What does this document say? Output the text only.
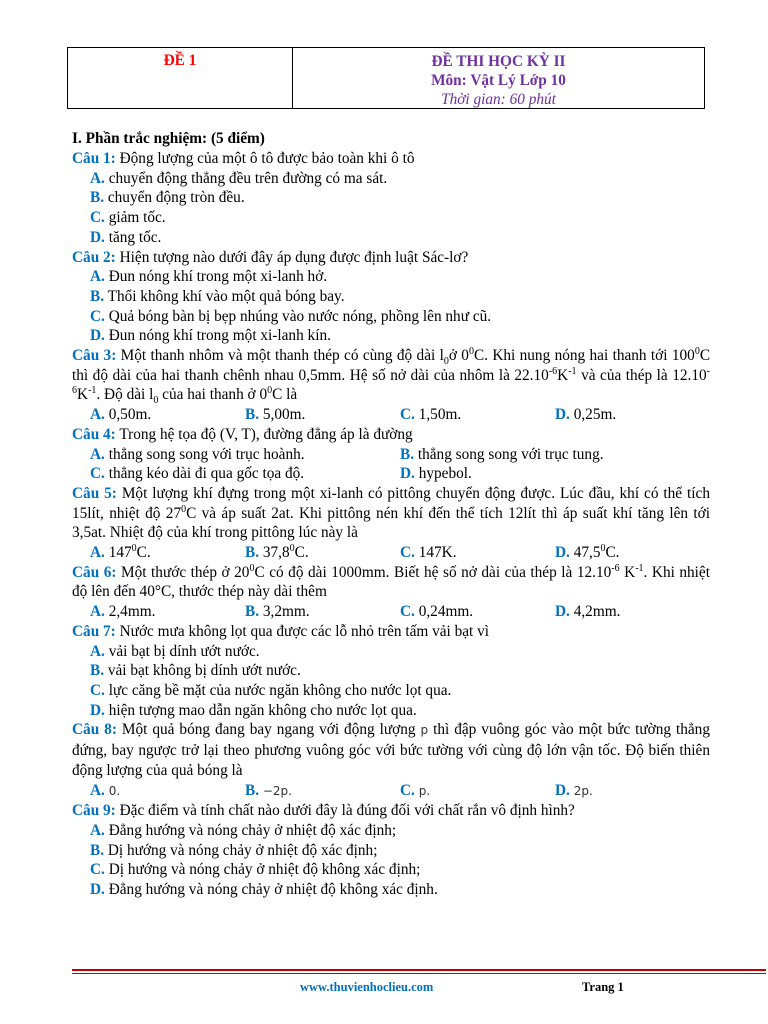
ĐỀ 1	ĐỀ THI HỌC KỲ II
Môn: Vật Lý Lớp 10
Thời gian: 60 phút
I. Phần trắc nghiệm: (5 điểm)
Câu 1: Động lượng của một ô tô được bảo toàn khi ô tô
A. chuyển động thẳng đều trên đường có ma sát.
B. chuyển động tròn đều.
C. giảm tốc.
D. tăng tốc.
Câu 2: Hiện tượng nào dưới đây áp dụng được định luật Sác-lơ?
A. Đun nóng khí trong một xi-lanh hở.
B. Thổi không khí vào một quả bóng bay.
C. Quả bóng bàn bị bẹp nhúng vào nước nóng, phồng lên như cũ.
D. Đun nóng khí trong một xi-lanh kín.
Câu 3: Một thanh nhôm và một thanh thép có cùng độ dài $l_0ở$ $0^0C$. Khi nung nóng hai thanh tới $100^0C$ thì độ dài của hai thanh chênh nhau 0,5mm. Hệ số nở dài của nhôm là $22.10^{-6}K^{-1}$ và của thép là $12.10^{-6}K^{-1}$. Độ dài $l_0$ của hai thanh ở $0^0C$ là
A. 0,50m.	B. 5,00m.	C. 1,50m.	D. 0,25m.
Câu 4: Trong hệ tọa độ (V, T), đường đẳng áp là đường
A. thẳng song song với trục hoành.	B. thẳng song song với trục tung.
C. thẳng kéo dài đi qua gốc tọa độ.	D. hypebol.
Câu 5: Một lượng khí đựng trong một xi-lanh có pittông chuyển động được. Lúc đầu, khí có thể tích 15lít, nhiệt độ $27^0C$ và áp suất 2at. Khi pittông nén khí đến thể tích 12lít thì áp suất khí tăng lên tới 3,5at. Nhiệt độ của khí trong pittông lúc này là
A. $147^0C$.	B. 37,8$^0$C.	C. 147K.	D. 47,5$^0$C.
Câu 6: Một thước thép ở $20^0C$ có độ dài 1000mm. Biết hệ số nở dài của thép là $12.10^{-6}$ $K^{-1}$. Khi nhiệt độ lên đến 40°C, thước thép này dài thêm
A. 2,4mm.	B. 3,2mm.	C. 0,24mm.	D. 4,2mm.
Câu 7: Nước mưa không lọt qua được các lỗ nhỏ trên tấm vải bạt vì
A. vải bạt bị dính ướt nước.
B. vải bạt không bị dính ướt nước.
C. lực căng bề mặt của nước ngăn không cho nước lọt qua.
D. hiện tượng mao dẫn ngăn không cho nước lọt qua.
Câu 8: Một quả bóng đang bay ngang với động lượng p thì đập vuông góc vào một bức tường thẳng đứng, bay ngược trở lại theo phương vuông góc với bức tường với cùng độ lớn vận tốc. Độ biến thiên động lượng của quả bóng là
A. 0.	B. −2p.	C. p.	D. 2p.
Câu 9: Đặc điểm và tính chất nào dưới đây là đúng đối với chất rắn vô định hình?
A. Đẳng hướng và nóng chảy ở nhiệt độ xác định;
B. Dị hướng và nóng chảy ở nhiệt độ xác định;
C. Dị hướng và nóng chảy ở nhiệt độ không xác định;
D. Đẳng hướng và nóng chảy ở nhiệt độ không xác định.
www.thuvienhoclieu.com	Trang 1
